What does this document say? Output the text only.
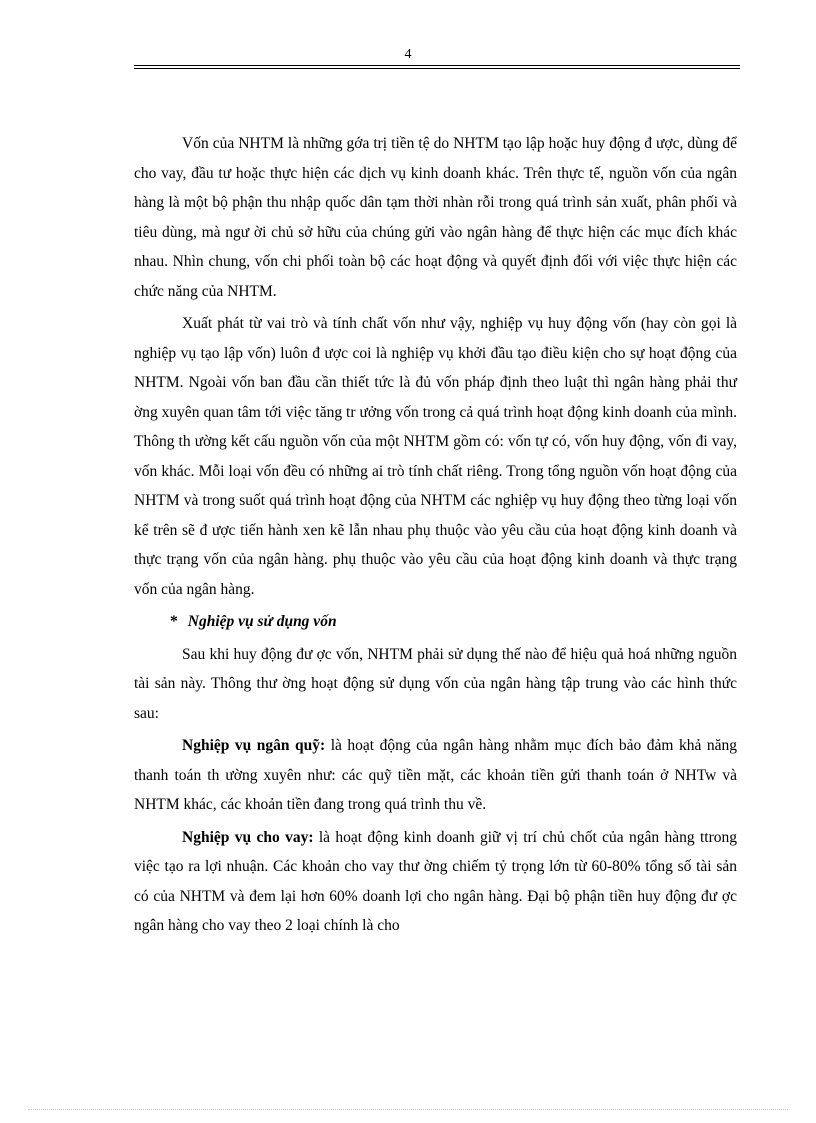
4

Vốn của NHTM là những gớa trị tiền tệ do NHTM tạo lập hoặc huy động đ ược, dùng để cho vay, đầu tư hoặc thực hiện các dịch vụ kinh doanh khác. Trên thực tế, nguồn vốn của ngân hàng là một bộ phận thu nhập quốc dân tạm thời nhàn rỗi trong quá trình sản xuất, phân phối và tiêu dùng, mà ngư ời chủ sở hữu của chúng gửi vào ngân hàng để thực hiện các mục đích khác nhau. Nhìn chung, vốn chi phối toàn bộ các hoạt động và quyết định đối với việc thực hiện các chức năng của NHTM.

Xuất phát từ vai trò và tính chất vốn như vậy, nghiệp vụ huy động vốn (hay còn gọi là nghiệp vụ tạo lập vốn) luôn đ ược coi là nghiệp vụ khởi đầu tạo điều kiện cho sự hoạt động của NHTM. Ngoài vốn ban đầu cần thiết tức là đủ vốn pháp định theo luật thì ngân hàng phải thư ờng xuyên quan tâm tới việc tăng tr ưởng vốn trong cả quá trình hoạt động kinh doanh của mình. Thông th ường kết cấu nguồn vốn của một NHTM gồm có: vốn tự có, vốn huy động, vốn đi vay, vốn khác. Mỗi loại vốn đều có những ai trò tính chất riêng. Trong tổng nguồn vốn hoạt động của NHTM và trong suốt quá trình hoạt động của NHTM các nghiệp vụ huy động theo từng loại vốn kể trên sẽ đ ược tiến hành xen kẽ lẫn nhau phụ thuộc vào yêu cầu của hoạt động kinh doanh và thực trạng vốn của ngân hàng. phụ thuộc vào yêu cầu của hoạt động kinh doanh và thực trạng vốn của ngân hàng.

* Nghiệp vụ sử dụng vốn

Sau khi huy động đư ợc vốn, NHTM phải sử dụng thế nào để hiệu quả hoá những nguồn tài sản này. Thông thư ờng hoạt động sử dụng vốn của ngân hàng tập trung vào các hình thức sau:

Nghiệp vụ ngân quỹ: là hoạt động của ngân hàng nhằm mục đích bảo đảm khả năng thanh toán th ường xuyên như: các quỹ tiền mặt, các khoản tiền gửi thanh toán ở NHTw và NHTM khác, các khoản tiền đang trong quá trình thu về.

Nghiệp vụ cho vay: là hoạt động kinh doanh giữ vị trí chủ chốt của ngân hàng ttrong việc tạo ra lợi nhuận. Các khoản cho vay thư ờng chiếm tỷ trọng lớn từ 60-80% tổng số tài sản có của NHTM và đem lại hơn 60% doanh lợi cho ngân hàng. Đại bộ phận tiền huy động đư ợc ngân hàng cho vay theo 2 loại chính là cho
